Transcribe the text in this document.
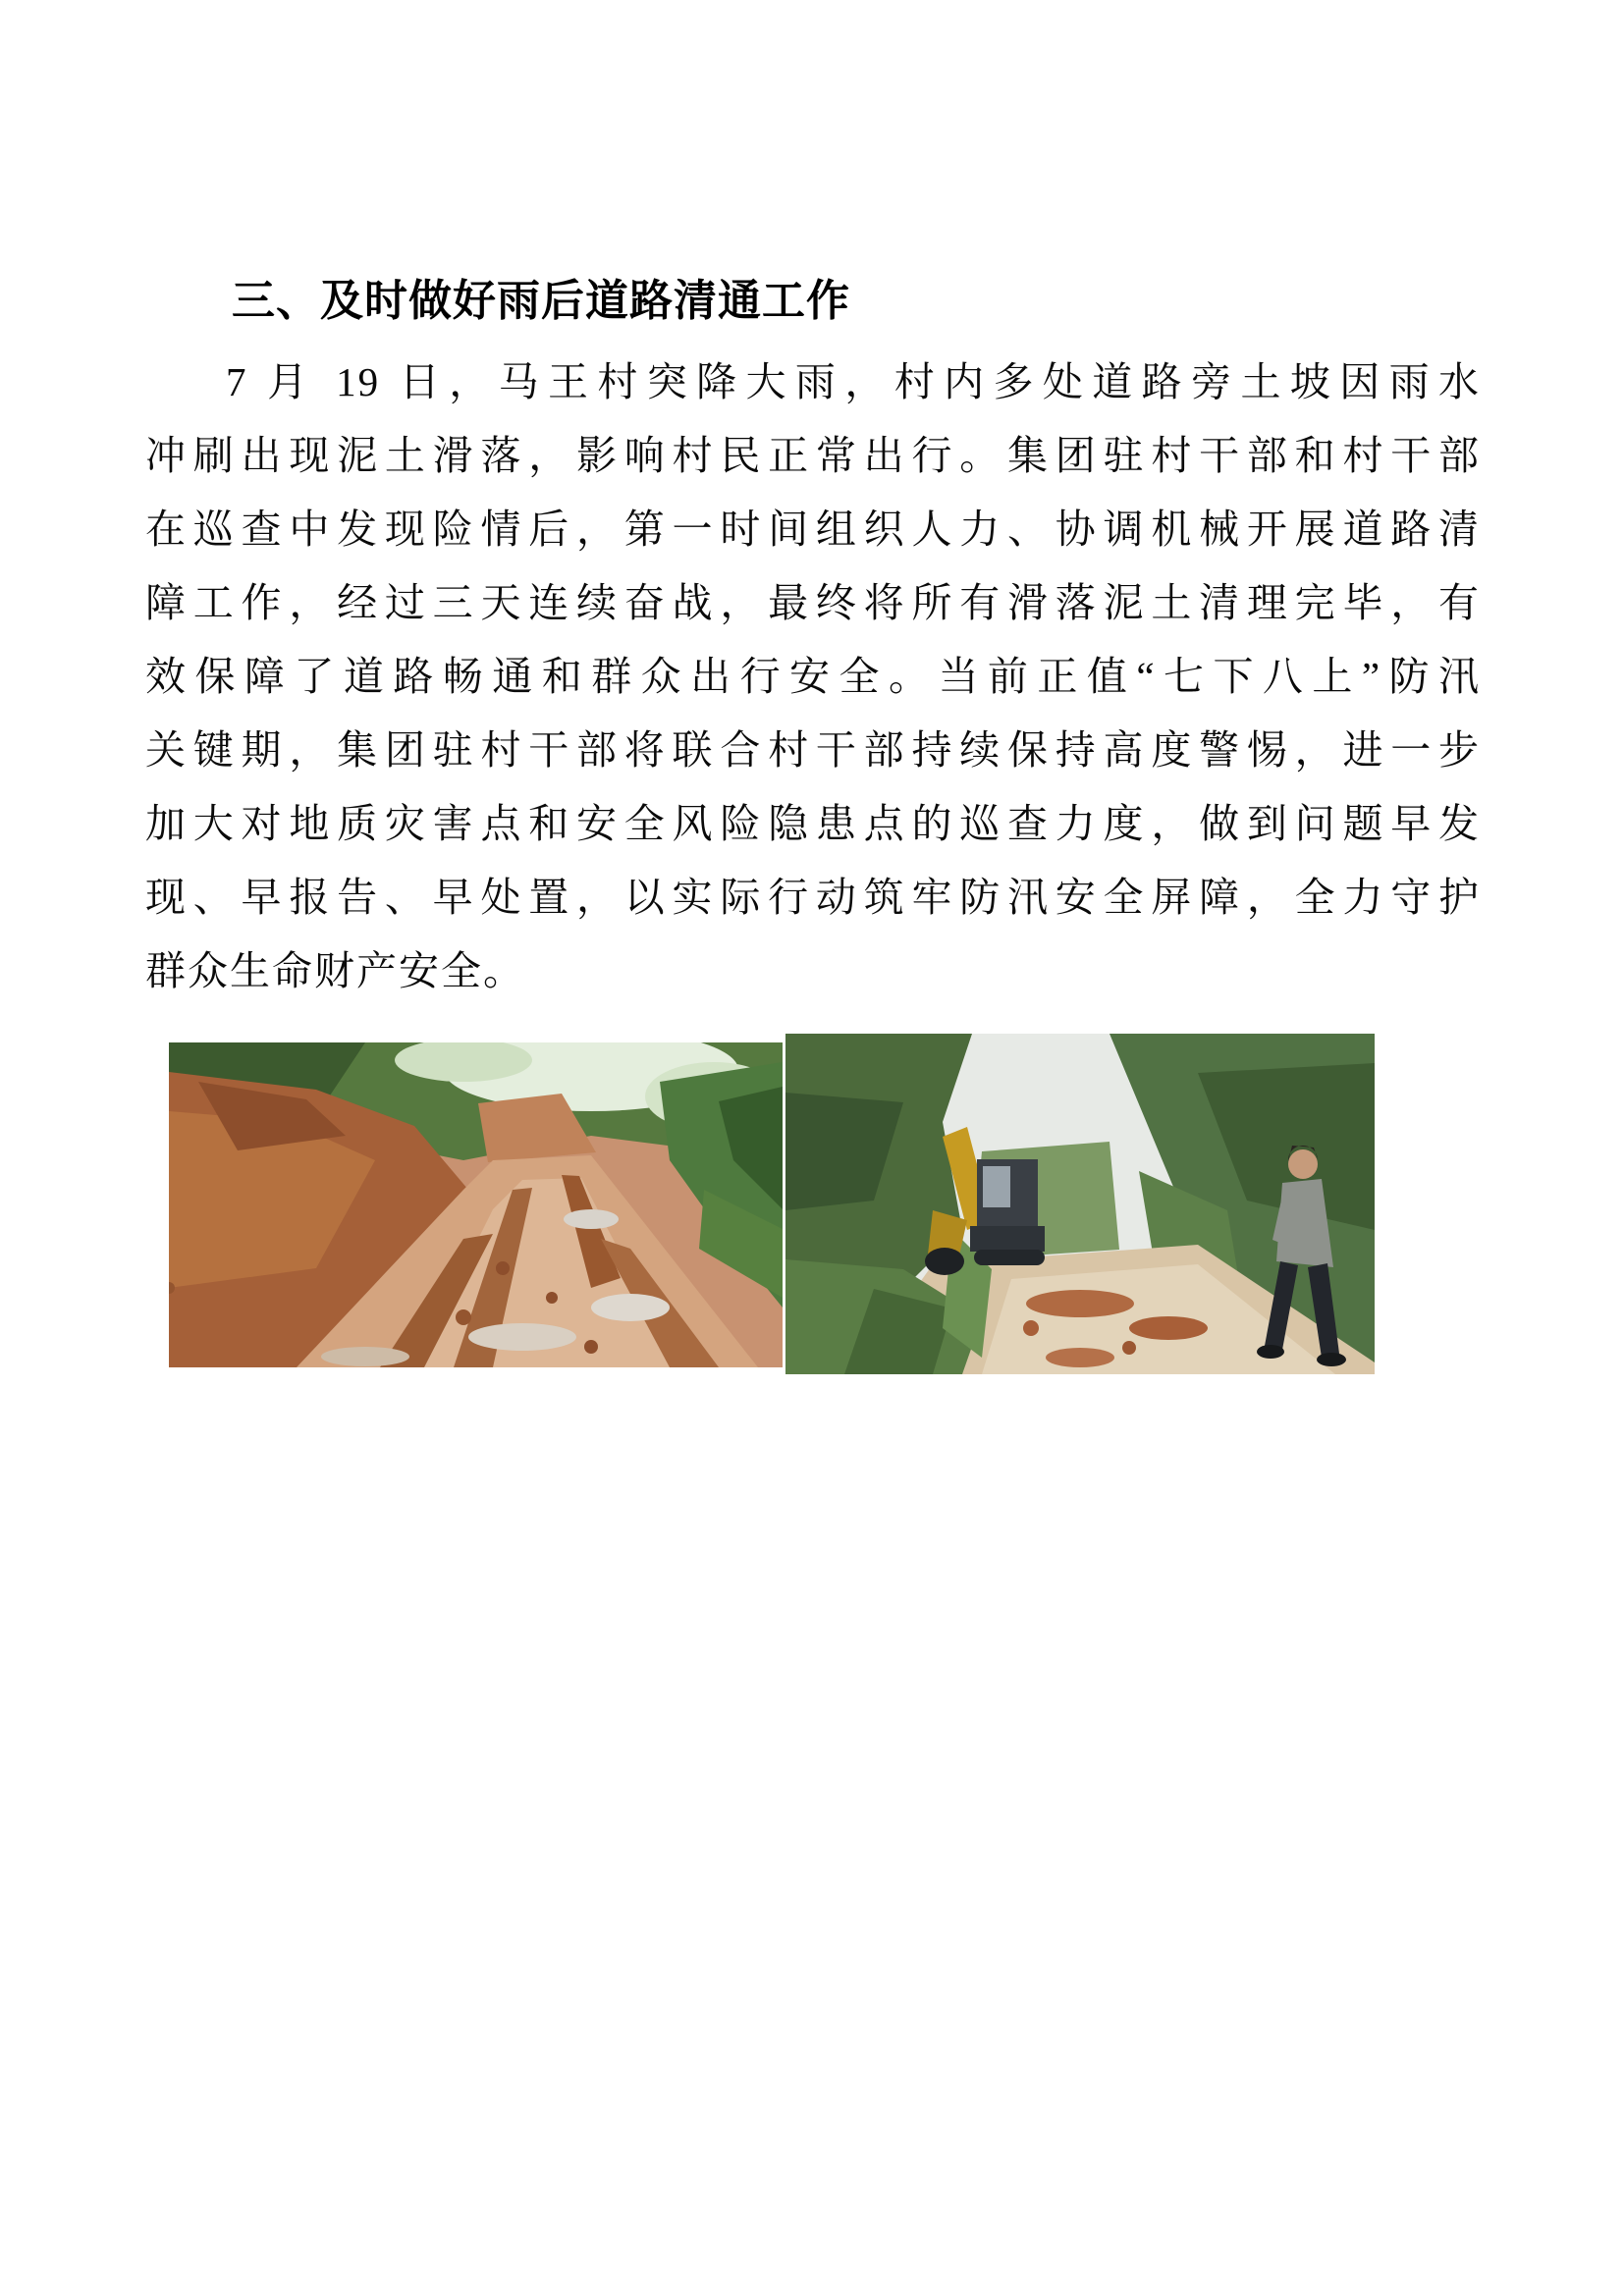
三、及时做好雨后道路清通工作
7 月 19 日，马王村突降大雨，村内多处道路旁土坡因雨水
冲刷出现泥土滑落，影响村民正常出行。集团驻村干部和村干部
在巡查中发现险情后，第一时间组织人力、协调机械开展道路清
障工作，经过三天连续奋战，最终将所有滑落泥土清理完毕，有
效保障了道路畅通和群众出行安全。当前正值“七下八上”防汛
关键期，集团驻村干部将联合村干部持续保持高度警惕，进一步
加大对地质灾害点和安全风险隐患点的巡查力度，做到问题早发
现、早报告、早处置，以实际行动筑牢防汛安全屏障，全力守护
群众生命财产安全。
